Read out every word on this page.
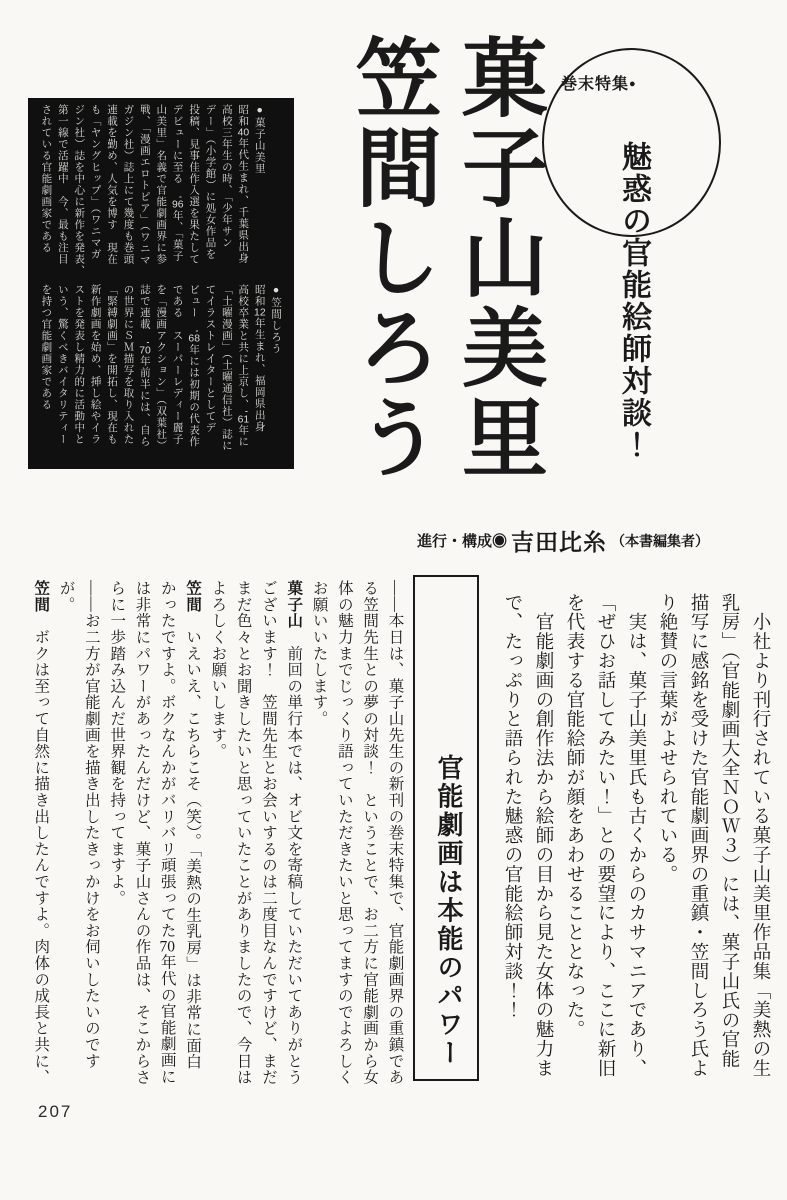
巻末特集●
魅惑の官能絵師対談！
菓子山美里
笠間しろう
●菓子山美里
昭和40年代生まれ、千葉県出身
高校三年生の時、「少年サン
デー」（小学館）に処女作品を
投稿、見事佳作入選を果たして
デビューに至る　'96年、「菓子
山美里」名義で官能劇画界に参
戦、「漫画エロトピア」（ワニマ
ガジン社）誌上にて幾度も巻頭
連載を勤め、人気を博す　現在
も「ヤングヒップ」（ワニマガ
ジン社）誌を中心に新作を発表、
第一線で活躍中　今、最も注目
されている官能劇画家である
●笠間しろう
昭和12年生まれ、福岡県出身
高校卒業と共に上京し、'61年に
「土曜漫画」（土曜通信社）誌に
てイラストレイターとしてデ
ビュー　'68年には初期の代表作
である　スーパーレディー麗子
を「漫画アクション」（双葉社）
誌で連載　'70年前半には、自ら
の世界にＳＭ描写を取り入れた
「緊縛劇画」を開拓し、現在も
新作劇画を始め、挿し絵やイラ
ストを発表し精力的に活動中と
いう、驚くべきバイタリティー
を持つ官能劇画家である
進行・構成◉ 吉田比糸 （本書編集者）
　小社より刊行されている菓子山美里作品集「美熱の生
乳房」（官能劇画大全ＮＯＷ３）には、菓子山氏の官能
描写に感銘を受けた官能劇画界の重鎮・笠間しろう氏よ
り絶賛の言葉がよせられている。
　実は、菓子山美里氏も古くからのカサマニアであり、
「ぜひお話してみたい！」との要望により、ここに新旧
を代表する官能絵師が顔をあわせることとなった。
　官能劇画の創作法から絵師の目から見た女体の魅力ま
で、たっぷりと語られた魅惑の官能絵師対談！！
官能劇画は本能のパワー
——本日は、菓子山先生の新刊の巻末特集で、官能劇画界の重鎮であ
る笠間先生との夢の対談！　ということで、お二方に官能劇画から女
体の魅力までじっくり語っていただきたいと思ってますのでよろしく
お願いいたします。
菓子山　前回の単行本では、オビ文を寄稿していただいてありがとう
ございます！　笠間先生とお会いするのは二度目なんですけど、まだ
まだ色々とお聞きしたいと思っていたことがありましたので、今日は
よろしくお願いします。
笠間　いえいえ、こちらこそ（笑）。「美熱の生乳房」は非常に面白
かったですよ。ボクなんかがバリバリ頑張ってた70年代の官能劇画に
は非常にパワーがあったんだけど、菓子山さんの作品は、そこからさ
らに一歩踏み込んだ世界観を持ってますよ。
——お二方が官能劇画を描き出したきっかけをお伺いしたいのです
が。
笠間　ボクは至って自然に描き出したんですよ。肉体の成長と共に、
207
